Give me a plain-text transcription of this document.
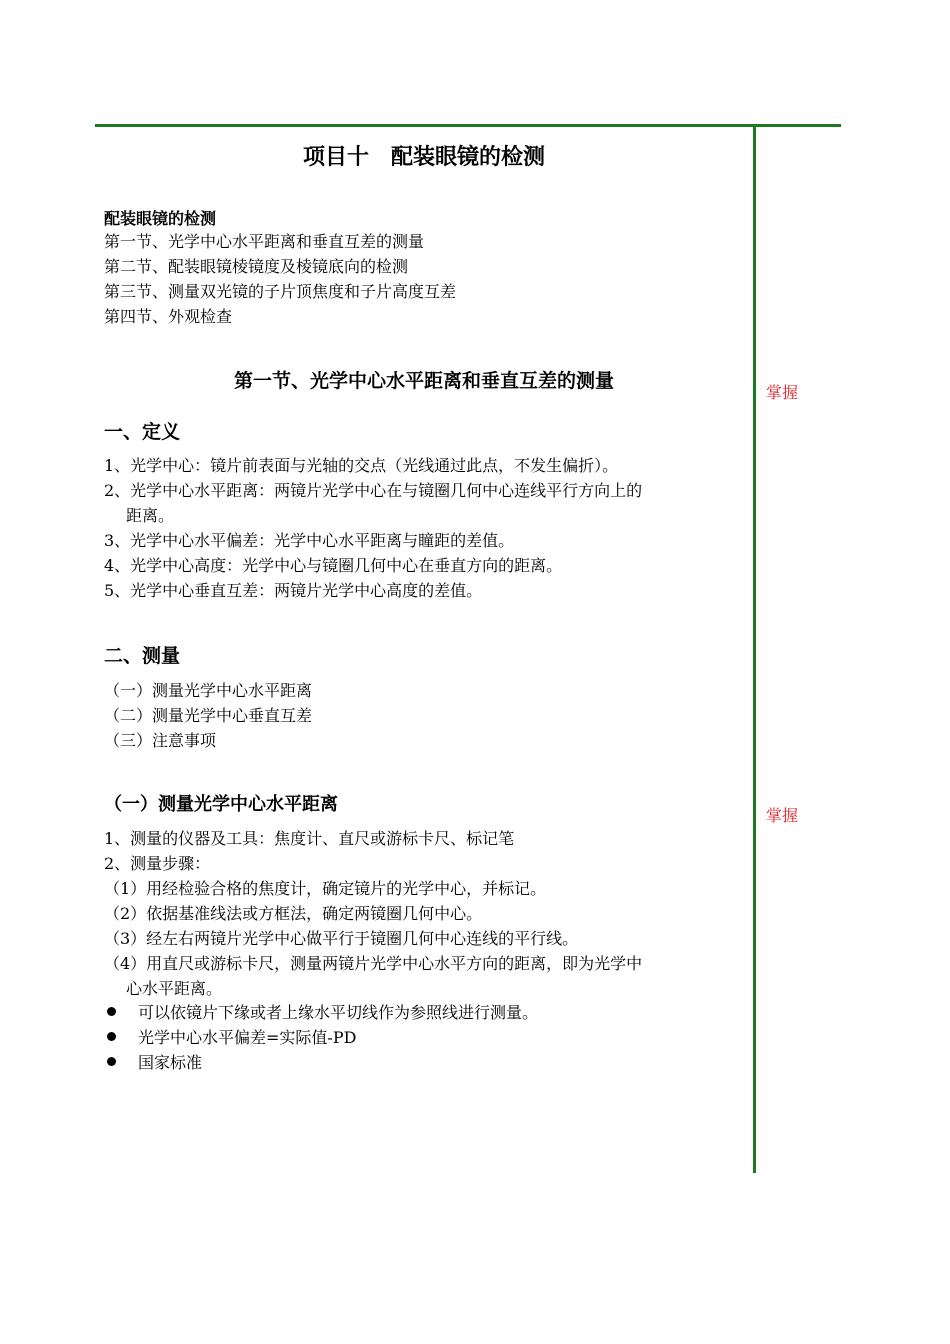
项目十　配装眼镜的检测
配装眼镜的检测
第一节、光学中心水平距离和垂直互差的测量
第二节、配装眼镜棱镜度及棱镜底向的检测
第三节、测量双光镜的子片顶焦度和子片高度互差
第四节、外观检查
第一节、光学中心水平距离和垂直互差的测量
掌握
一、定义
1、光学中心：镜片前表面与光轴的交点（光线通过此点，不发生偏折）。
2、光学中心水平距离：两镜片光学中心在与镜圈几何中心连线平行方向上的
距离。
3、光学中心水平偏差：光学中心水平距离与瞳距的差值。
4、光学中心高度：光学中心与镜圈几何中心在垂直方向的距离。
5、光学中心垂直互差：两镜片光学中心高度的差值。
二、测量
（一）测量光学中心水平距离
（二）测量光学中心垂直互差
（三）注意事项
（一）测量光学中心水平距离
掌握
1、测量的仪器及工具：焦度计、直尺或游标卡尺、标记笔
2、测量步骤：
（1）用经检验合格的焦度计，确定镜片的光学中心，并标记。
（2）依据基准线法或方框法，确定两镜圈几何中心。
（3）经左右两镜片光学中心做平行于镜圈几何中心连线的平行线。
（4）用直尺或游标卡尺，测量两镜片光学中心水平方向的距离，即为光学中
心水平距离。
可以依镜片下缘或者上缘水平切线作为参照线进行测量。
光学中心水平偏差=实际值-PD
国家标准
